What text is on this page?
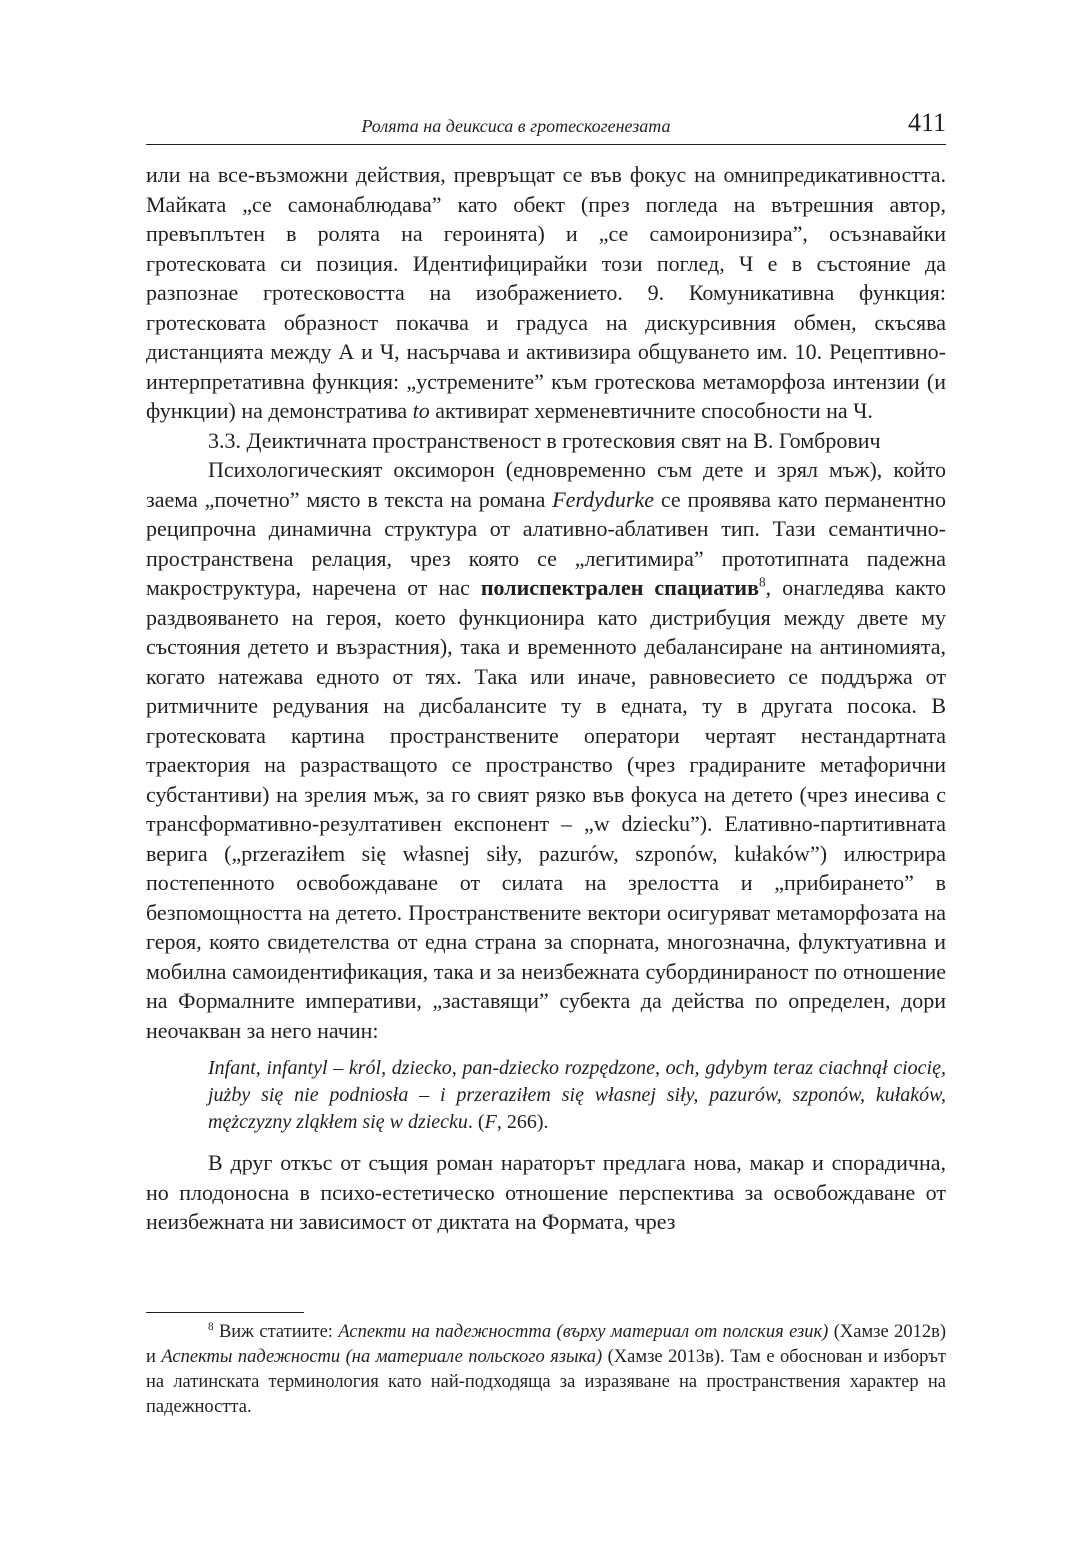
Ролята на деиксиса в гротескогенезата	411

или на все-възможни действия, превръщат се във фокус на омнипредикативността. Майката „се самонаблюдава” като обект (през погледа на вътрешния автор, превъплътен в ролята на героинята) и „се самоиронизира”, осъзнавайки гротесковата си позиция. Идентифицирайки този поглед, Ч е в състояние да разпознае гротесковостта на изображението. 9. Комуникативна функция: гротесковата образност покачва и градуса на дискурсивния обмен, скъсява дистанцията между А и Ч, насърчава и активизира общуването им. 10. Рецептивно-интерпретативна функция: „устремените” към гротескова метаморфоза интензии (и функции) на демонстратива to активират херменевтичните способности на Ч.

3.3. Деиктичната пространственост в гротесковия свят на В. Гомбрович

Психологическият оксиморон (едновременно съм дете и зрял мъж), който заема „почетно” място в текста на романа Ferdydurke се проявява като перманентно реципрочна динамична структура от алативно-аблативен тип. Тази семантично-пространствена релация, чрез която се „легитимира” прототипната падежна макроструктура, наречена от нас полиспектрален спациатив$^8$, онагледява както раздвояването на героя, което функционира като дистрибуция между двете му състояния детето и възрастния), така и временното дебалансиране на антиномията, когато натежава едното от тях. Така или иначе, равновесието се поддържа от ритмичните редувания на дисбалансите ту в едната, ту в другата посока. В гротесковата картина пространствените оператори чертаят нестандартната траектория на разрастващото се пространство (чрез градираните метафорични субстантиви) на зрелия мъж, за го свият рязко във фокуса на детето (чрез инесива с трансформативно-резултативен експонент – „w dziecku”). Елативно-партитивната верига („przeraziłem się własnej siły, pazurów, szponów, kułaków”) илюстрира постепенното освобождаване от силата на зрелостта и „прибирането” в безпомощността на детето. Пространствените вектори осигуряват метаморфозата на героя, която свидетелства от една страна за спорната, многозначна, флуктуативна и мобилна самоидентификация, така и за неизбежната субординираност по отношение на Формалните императиви, „заставящи” субекта да действа по определен, дори неочакван за него начин:

Infant, infantyl – król, dziecko, pan-dziecko rozpędzone, och, gdybym teraz ciachnął ciocię, jużby się nie podniosła – i przeraziłem się własnej siły, pazurów, szponów, kułaków, mężczyzny zląkłem się w dziecku. (F, 266).

В друг откъс от същия роман нараторът предлага нова, макар и спорадична, но плодоносна в психо-естетическо отношение перспектива за освобождаване от неизбежната ни зависимост от диктата на Формата, чрез

$^8$ Виж статиите: Аспекти на падежността (върху материал от полския език) (Хамзе 2012в) и Аспекты падежности (на материале польского языка) (Хамзе 2013в). Там е обоснован и изборът на латинската терминология като най-подходяща за изразяване на пространствения характер на падежността.
